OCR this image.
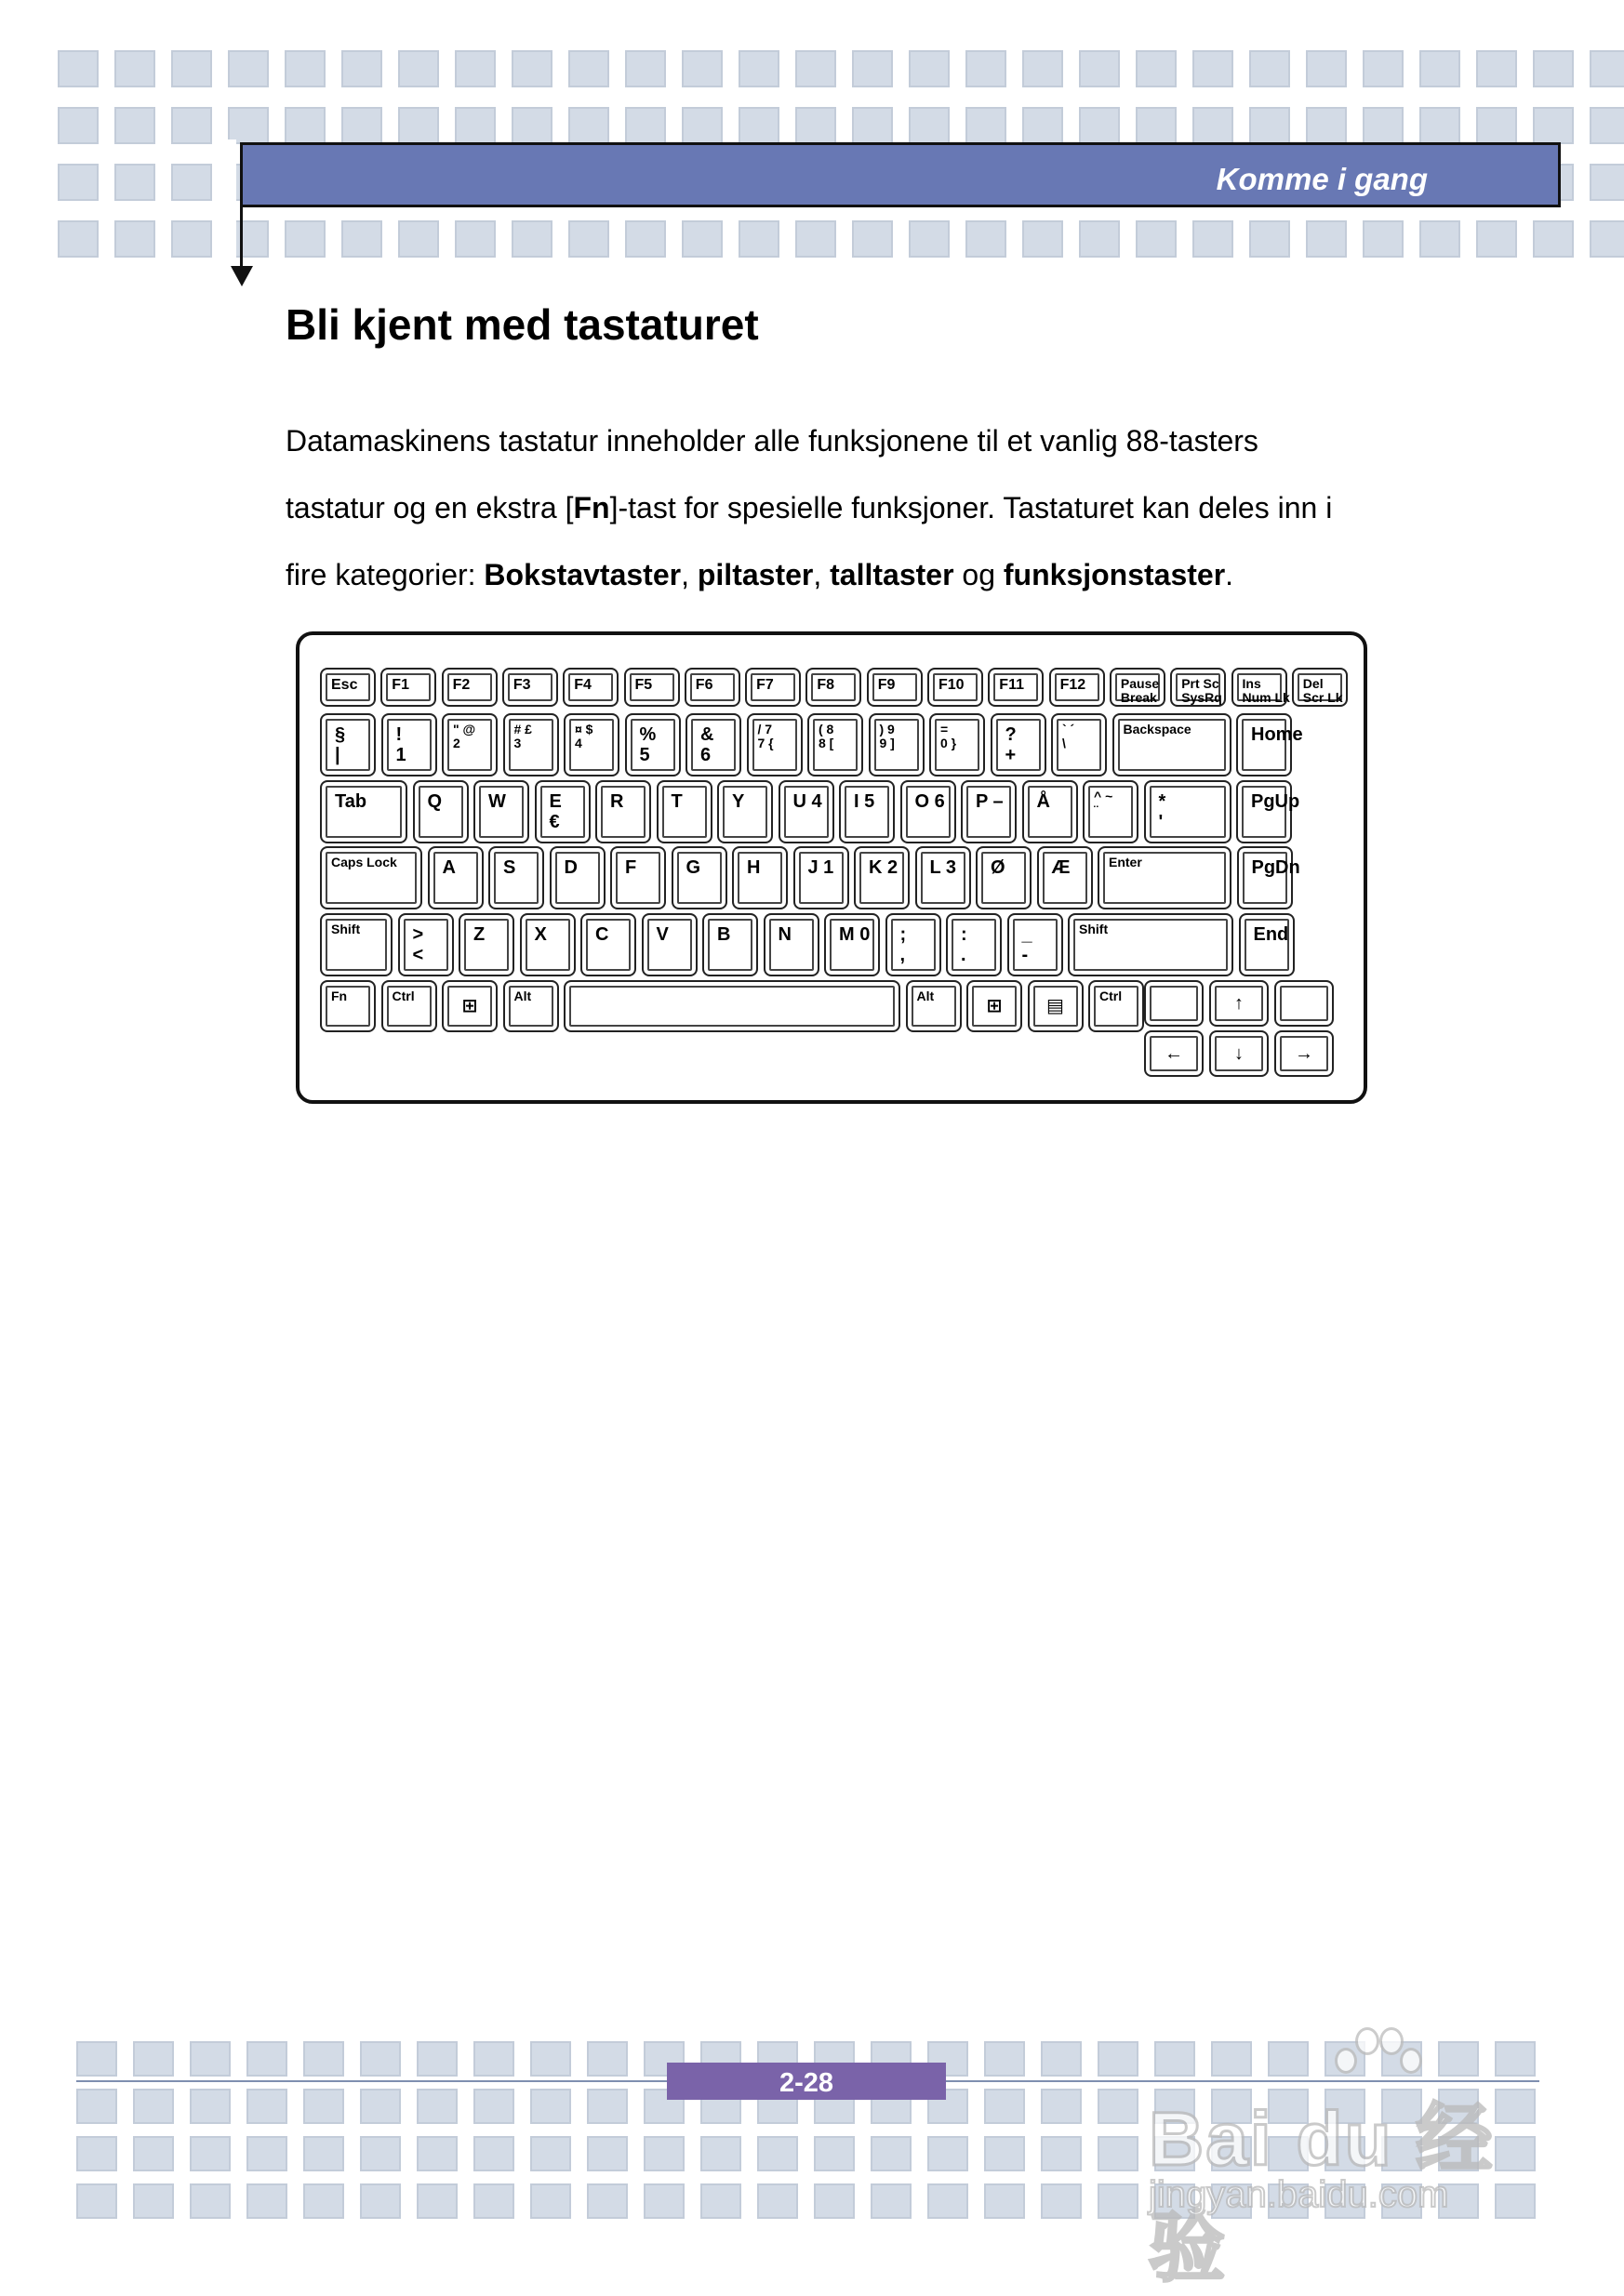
Komme i gang
Bli kjent med tastaturet

Datamaskinens tastatur inneholder alle funksjonene til et vanlig 88-tasters
tastatur og en ekstra [Fn]-tast for spesielle funksjoner. Tastaturet kan deles inn i
fire kategorier: Bokstavtaster, piltaster, talltaster og funksjonstaster.

Esc F1	F2	F3	F4	F5	F6	F7	F8	F9	F10 F11 F12	Pause
Break
Prt Sc
SysRq
Ins
Num Lk
Del
Scr Lk
§
|
!
1
" @
2
# £
3
¤ $
4	%
5
&
6
/ 7
7 {
( 8
8 [
) 9
9 ]
=
0 }	?
+
` ´
\
Backspace	Home
Tab	Q W E
€
R	T	Y	U 4 I 5 O 6 P – Å	^ ~
¨	*
'
PgUp
Caps Lock A	S	D	F	G H	J 1 K 2 L 3 Ø Æ	Enter	PgDn
Shift	>
<
Z	X	C	V	B	N	M 0 ;
,
:
.
_
-
Shift	End
Fn	Ctrl	⊞	Alt	Alt	⊞	▤	Ctrl	↑
←	↓	→
2-28
Bai du 经验
jingyan.baidu.com
